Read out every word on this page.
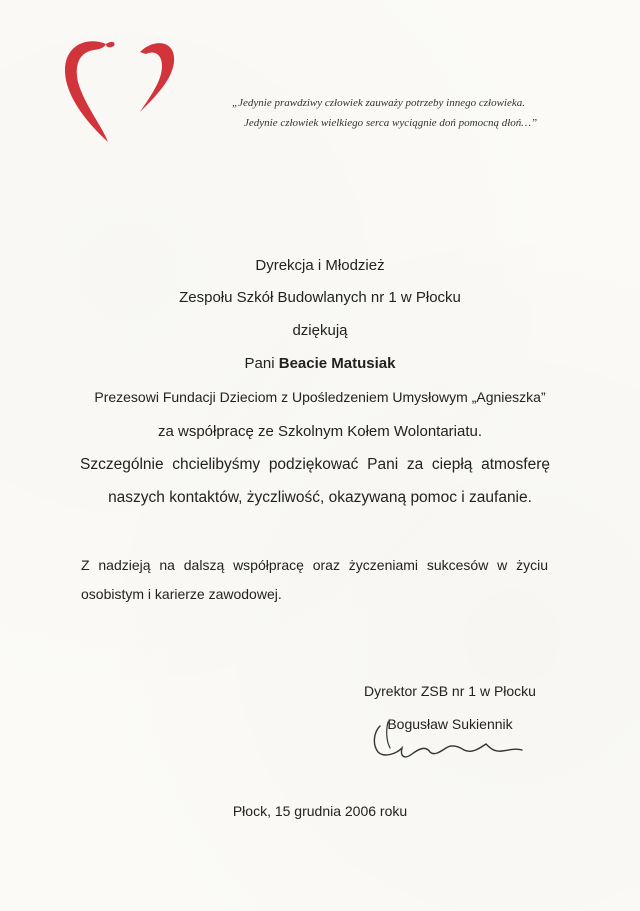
„Jedynie prawdziwy człowiek zauważy potrzeby innego człowieka.
Jedynie człowiek wielkiego serca wyciągnie doń pomocną dłoń…”
Dyrekcja i Młodzież
Zespołu Szkół Budowlanych nr 1 w Płocku
dziękują
Pani Beacie Matusiak
Prezesowi Fundacji Dzieciom z Upośledzeniem Umysłowym „Agnieszka”
za współpracę ze Szkolnym Kołem Wolontariatu.
Szczególnie chcielibyśmy podziękować Pani za ciepłą atmosferę
naszych kontaktów, życzliwość, okazywaną pomoc i zaufanie.
Z nadzieją na dalszą współpracę oraz życzeniami sukcesów w życiu
osobistym i karierze zawodowej.
Dyrektor ZSB nr 1 w Płocku
Bogusław Sukiennik
Płock, 15 grudnia 2006 roku
